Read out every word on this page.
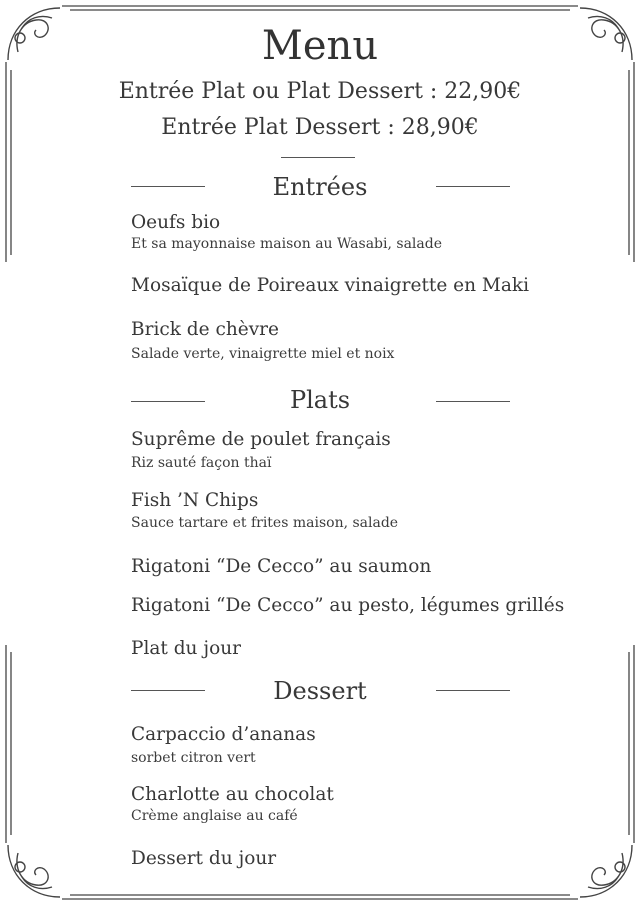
Menu
Entrée Plat ou Plat Dessert : 22,90€
Entrée Plat Dessert : 28,90€
Entrées
Oeufs bio
Et sa mayonnaise maison au Wasabi, salade
Mosaïque de Poireaux vinaigrette en Maki
Brick de chèvre
Salade verte, vinaigrette miel et noix
Plats
Suprême de poulet français
Riz sauté façon thaï
Fish ’N Chips
Sauce tartare et frites maison, salade
Rigatoni “De Cecco” au saumon
Rigatoni “De Cecco” au pesto, légumes grillés
Plat du jour
Dessert
Carpaccio d’ananas
sorbet citron vert
Charlotte au chocolat
Crème anglaise au café
Dessert du jour
